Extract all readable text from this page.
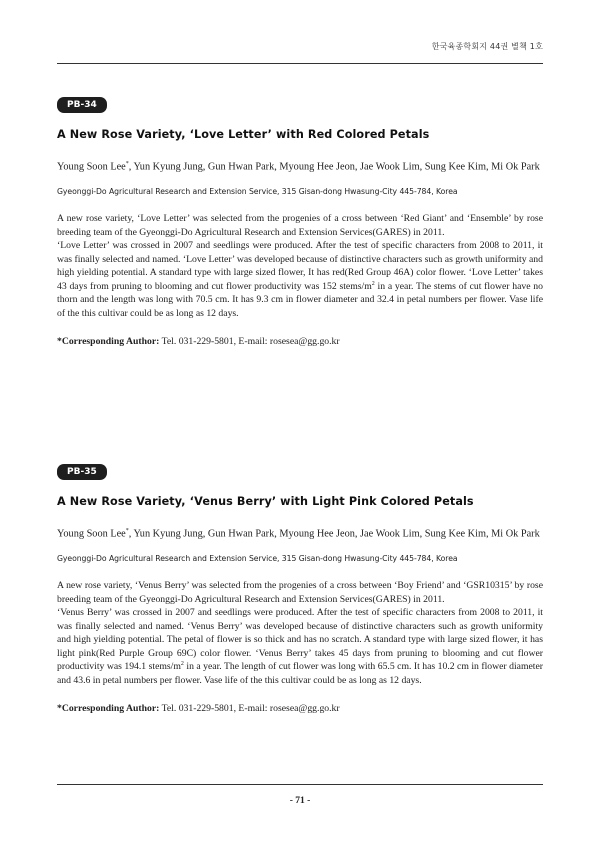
한국육종학회지 44권 별책 1호
PB-34
A New Rose Variety, ‘Love Letter’ with Red Colored Petals
Young Soon Lee*, Yun Kyung Jung, Gun Hwan Park, Myoung Hee Jeon, Jae Wook Lim, Sung Kee Kim, Mi Ok Park
Gyeonggi-Do Agricultural Research and Extension Service, 315 Gisan-dong Hwasung-City 445-784, Korea

A new rose variety, ‘Love Letter’ was selected from the progenies of a cross between ‘Red Giant’ and ‘Ensemble’ by rose breeding team of the Gyeonggi-Do Agricultural Research and Extension Services(GARES) in 2011.

‘Love Letter’ was crossed in 2007 and seedlings were produced. After the test of specific characters from 2008 to 2011, it was finally selected and named. ‘Love Letter’ was developed because of distinctive characters such as growth uniformity and high yielding potential. A standard type with large sized flower, It has red(Red Group 46A) color flower. ‘Love Letter’ takes 43 days from pruning to blooming and cut flower productivity was 152 stems/$m^2$ in a year. The stems of cut flower have no thorn and the length was long with 70.5 cm. It has 9.3 cm in flower diameter and 32.4 in petal numbers per flower. Vase life of the this cultivar could be as long as 12 days.

*Corresponding Author: Tel. 031-229-5801, E-mail: rosesea@gg.go.kr
PB-35
A New Rose Variety, ‘Venus Berry’ with Light Pink Colored Petals
Young Soon Lee*, Yun Kyung Jung, Gun Hwan Park, Myoung Hee Jeon, Jae Wook Lim, Sung Kee Kim, Mi Ok Park
Gyeonggi-Do Agricultural Research and Extension Service, 315 Gisan-dong Hwasung-City 445-784, Korea

A new rose variety, ‘Venus Berry’ was selected from the progenies of a cross between ‘Boy Friend’ and ‘GSR10315’ by rose breeding team of the Gyeonggi-Do Agricultural Research and Extension Services(GARES) in 2011.

‘Venus Berry’ was crossed in 2007 and seedlings were produced. After the test of specific characters from 2008 to 2011, it was finally selected and named. ‘Venus Berry’ was developed because of distinctive characters such as growth uniformity and high yielding potential. The petal of flower is so thick and has no scratch. A standard type with large sized flower, it has light pink(Red Purple Group 69C) color flower. ‘Venus Berry’ takes 45 days from pruning to blooming and cut flower productivity was 194.1 stems/$m^2$ in a year. The length of cut flower was long with 65.5 cm. It has 10.2 cm in flower diameter and 43.6 in petal numbers per flower. Vase life of the this cultivar could be as long as 12 days.

*Corresponding Author: Tel. 031-229-5801, E-mail: rosesea@gg.go.kr
- 71 -
